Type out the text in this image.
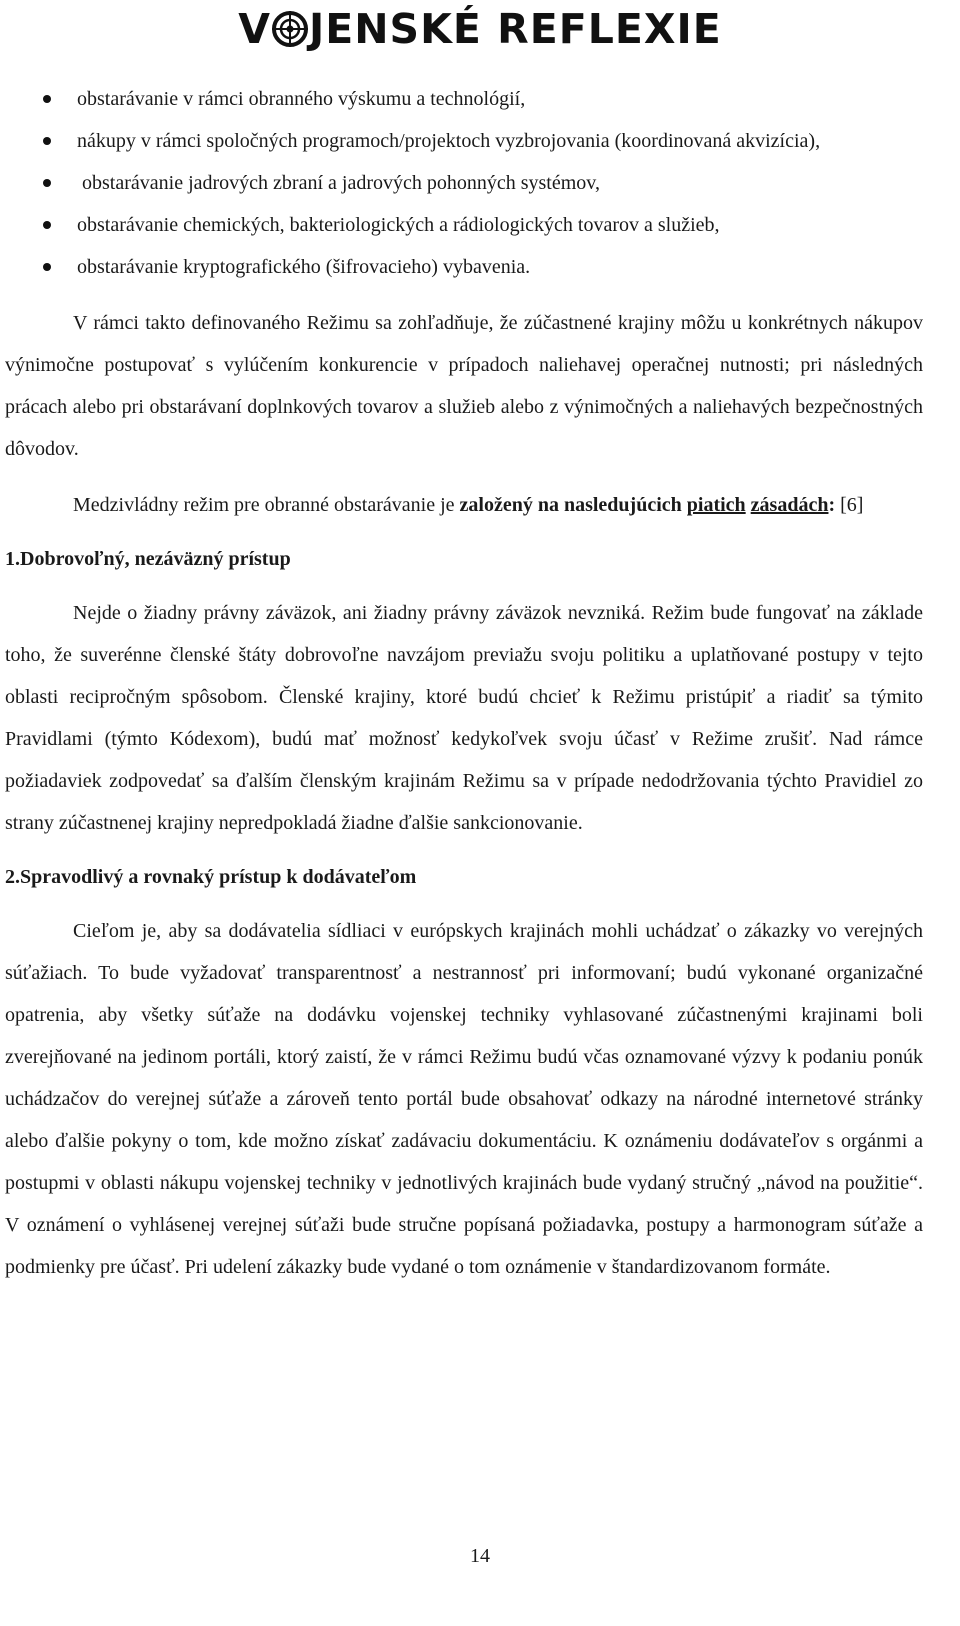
V JENSKÉ REFLEXIE
obstarávanie v rámci obranného výskumu a technológií,
nákupy v rámci spoločných programoch/projektoch vyzbrojovania (koordinovaná akvizícia),
obstarávanie jadrových zbraní a jadrových pohonných systémov,
obstarávanie chemických, bakteriologických a rádiologických tovarov a služieb,
obstarávanie kryptografického (šifrovacieho) vybavenia.

V rámci takto definovaného Režimu sa zohľadňuje, že zúčastnené krajiny môžu u konkrétnych nákupov výnimočne postupovať s vylúčením konkurencie v prípadoch naliehavej operačnej nutnosti; pri následných prácach alebo pri obstarávaní doplnkových tovarov a služieb alebo z výnimočných a naliehavých bezpečnostných dôvodov.

Medzivládny režim pre obranné obstarávanie je založený na nasledujúcich piatich zásadách: [6]

1.Dobrovoľný, nezáväzný prístup

Nejde o žiadny právny záväzok, ani žiadny právny záväzok nevzniká. Režim bude fungovať na základe toho, že suverénne členské štáty dobrovoľne navzájom previažu svoju politiku a uplatňované postupy v tejto oblasti recipročným spôsobom. Členské krajiny, ktoré budú chcieť k Režimu pristúpiť a riadiť sa týmito Pravidlami (týmto Kódexom), budú mať možnosť kedykoľvek svoju účasť v Režime zrušiť. Nad rámce požiadaviek zodpovedať sa ďalším členským krajinám Režimu sa v prípade nedodržovania týchto Pravidiel zo strany zúčastnenej krajiny nepredpokladá žiadne ďalšie sankcionovanie.

2.Spravodlivý a rovnaký prístup k dodávateľom

Cieľom je, aby sa dodávatelia sídliaci v európskych krajinách mohli uchádzať o zákazky vo verejných súťažiach. To bude vyžadovať transparentnosť a nestrannosť pri informovaní; budú vykonané organizačné opatrenia, aby všetky súťaže na dodávku vojenskej techniky vyhlasované zúčastnenými krajinami boli zverejňované na jedinom portáli, ktorý zaistí, že v rámci Režimu budú včas oznamované výzvy k podaniu ponúk uchádzačov do verejnej súťaže a zároveň tento portál bude obsahovať odkazy na národné internetové stránky alebo ďalšie pokyny o tom, kde možno získať zadávaciu dokumentáciu. K oznámeniu dodávateľov s orgánmi a postupmi v oblasti nákupu vojenskej techniky v jednotlivých krajinách bude vydaný stručný „návod na použitie“. V oznámení o vyhlásenej verejnej súťaži bude stručne popísaná požiadavka, postupy a harmonogram súťaže a podmienky pre účasť. Pri udelení zákazky bude vydané o tom oznámenie v štandardizovanom formáte.

14
